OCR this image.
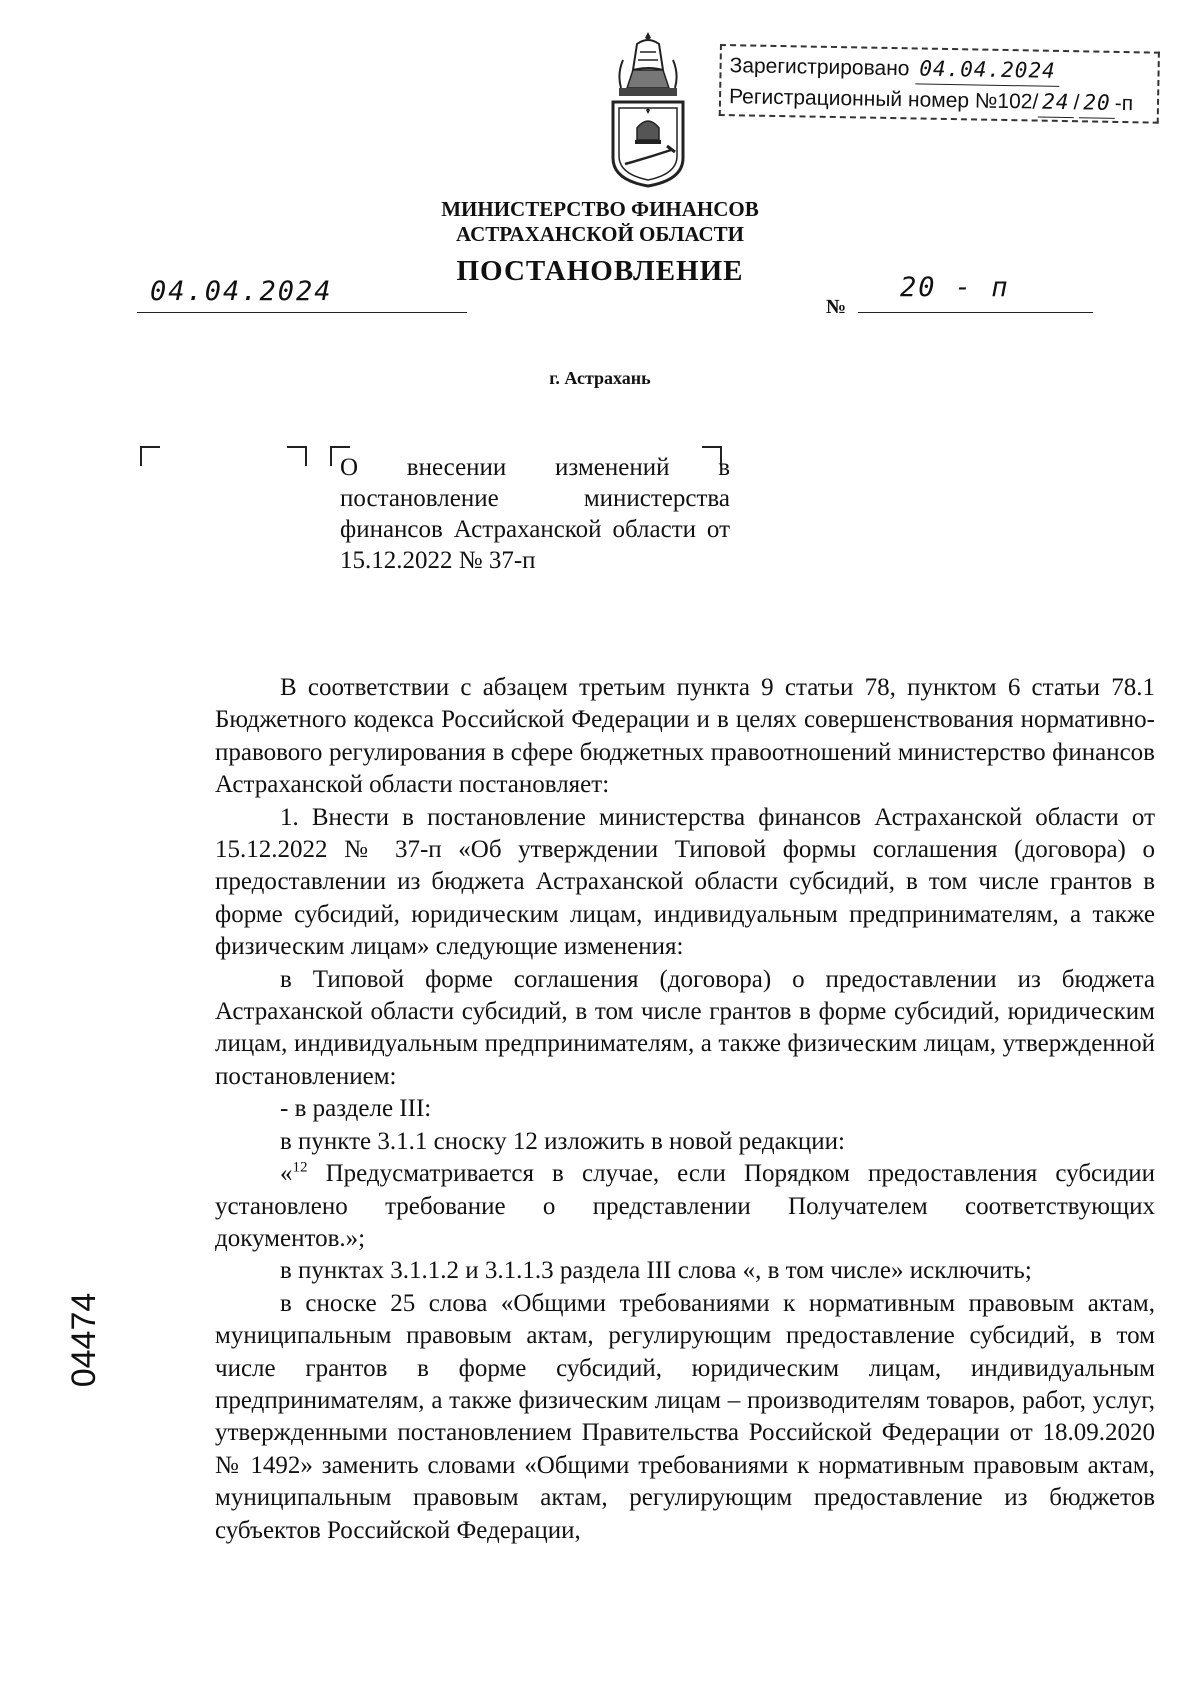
Зарегистрировано 04.04.2024
Регистрационный номер №102/ 24 / 20 -п
МИНИСТЕРСТВО ФИНАНСОВ
АСТРАХАНСКОЙ ОБЛАСТИ
ПОСТАНОВЛЕНИЕ
04.04.2024	№
20 - п
г. Астрахань
О внесении изменений в постановление министерства финансов Астраханской области от 15.12.2022 № 37-п

В соответствии с абзацем третьим пункта 9 статьи 78, пунктом 6 статьи 78.1 Бюджетного кодекса Российской Федерации и в целях совершенствования нормативно-правового регулирования в сфере бюджетных правоотношений министерство финансов Астраханской области постановляет:

1. Внести в постановление министерства финансов Астраханской области от 15.12.2022 № 37-п «Об утверждении Типовой формы соглашения (договора) о предоставлении из бюджета Астраханской области субсидий, в том числе грантов в форме субсидий, юридическим лицам, индивидуальным предпринимателям, а также физическим лицам» следующие изменения:

в Типовой форме соглашения (договора) о предоставлении из бюджета Астраханской области субсидий, в том числе грантов в форме субсидий, юридическим лицам, индивидуальным предпринимателям, а также физическим лицам, утвержденной постановлением:

- в разделе III:

в пункте 3.1.1 сноску 12 изложить в новой редакции:

«$^{12}$ Предусматривается в случае, если Порядком предоставления субсидии установлено требование о представлении Получателем соответствующих документов.»;

в пунктах 3.1.1.2 и 3.1.1.3 раздела III слова «, в том числе» исключить;

в сноске 25 слова «Общими требованиями к нормативным правовым актам, муниципальным правовым актам, регулирующим предоставление субсидий, в том числе грантов в форме субсидий, юридическим лицам, индивидуальным предпринимателям, а также физическим лицам – производителям товаров, работ, услуг, утвержденными постановлением Правительства Российской Федерации от 18.09.2020 № 1492» заменить словами «Общими требованиями к нормативным правовым актам, муниципальным правовым актам, регулирующим предоставление из бюджетов субъектов Российской Федерации,

04474
